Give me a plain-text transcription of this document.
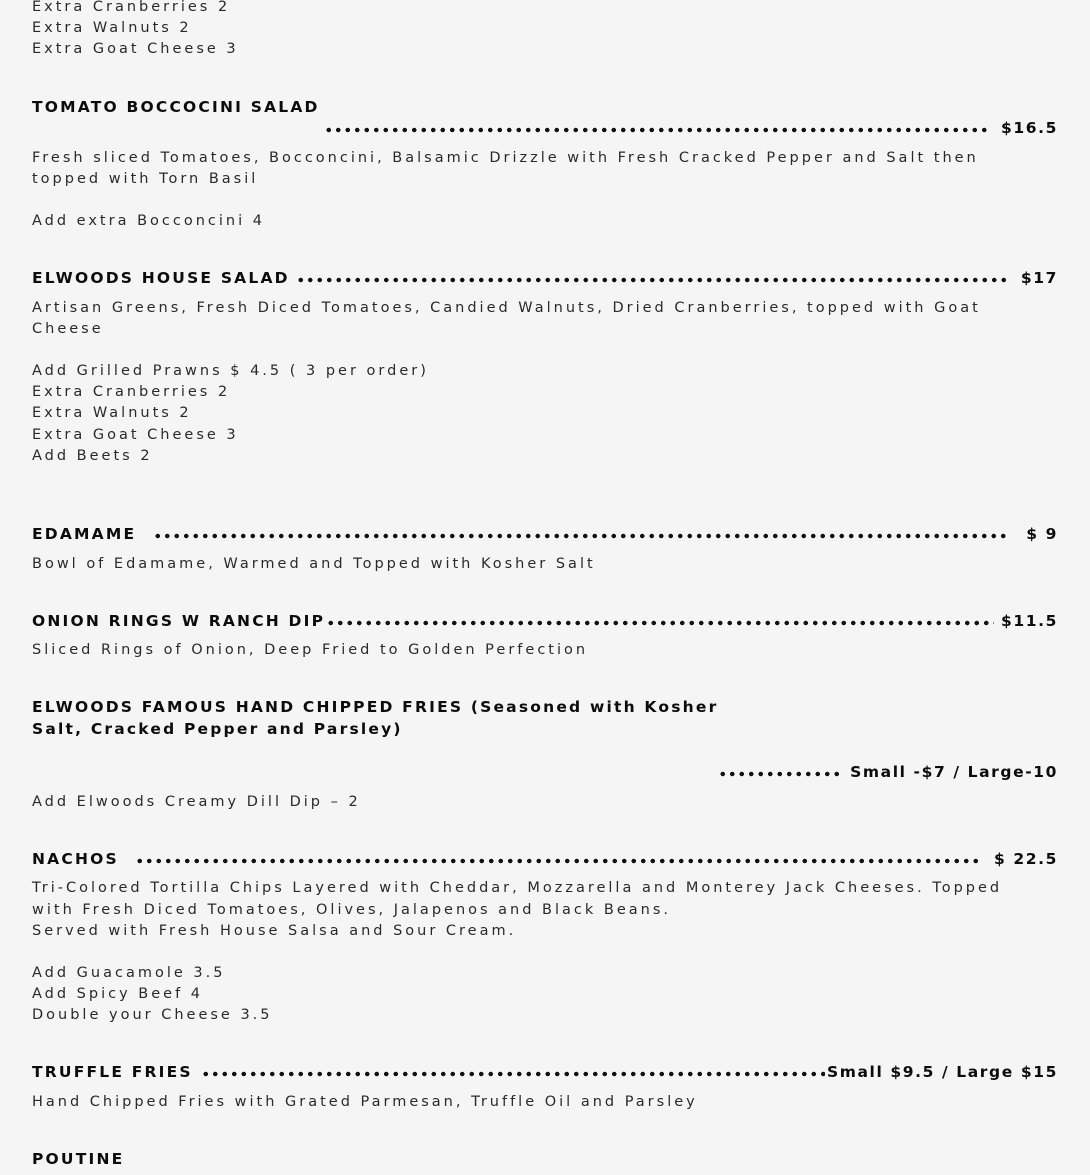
Extra Cranberries 2
Extra Walnuts 2
Extra Goat Cheese 3
TOMATO BOCCOCINI SALAD
$16.5
Fresh sliced Tomatoes, Bocconcini, Balsamic Drizzle with Fresh Cracked Pepper and Salt then
topped with Torn Basil
Add extra Bocconcini 4
ELWOODS HOUSE SALAD	$17
Artisan Greens, Fresh Diced Tomatoes, Candied Walnuts, Dried Cranberries, topped with Goat
Cheese
Add Grilled Prawns $ 4.5 ( 3 per order)
Extra Cranberries 2
Extra Walnuts 2
Extra Goat Cheese 3
Add Beets 2
EDAMAME	$ 9
Bowl of Edamame, Warmed and Topped with Kosher Salt
ONION RINGS W RANCH DIP	$11.5
Sliced Rings of Onion, Deep Fried to Golden Perfection
ELWOODS FAMOUS HAND CHIPPED FRIES (Seasoned with Kosher
Salt, Cracked Pepper and Parsley)
Small -$7 / Large-10
Add Elwoods Creamy Dill Dip – 2
NACHOS	$ 22.5
Tri-Colored Tortilla Chips Layered with Cheddar, Mozzarella and Monterey Jack Cheeses. Topped
with Fresh Diced Tomatoes, Olives, Jalapenos and Black Beans.
Served with Fresh House Salsa and Sour Cream.
Add Guacamole 3.5
Add Spicy Beef 4
Double your Cheese 3.5
TRUFFLE FRIES	Small $9.5 / Large $15
Hand Chipped Fries with Grated Parmesan, Truffle Oil and Parsley
POUTINE
